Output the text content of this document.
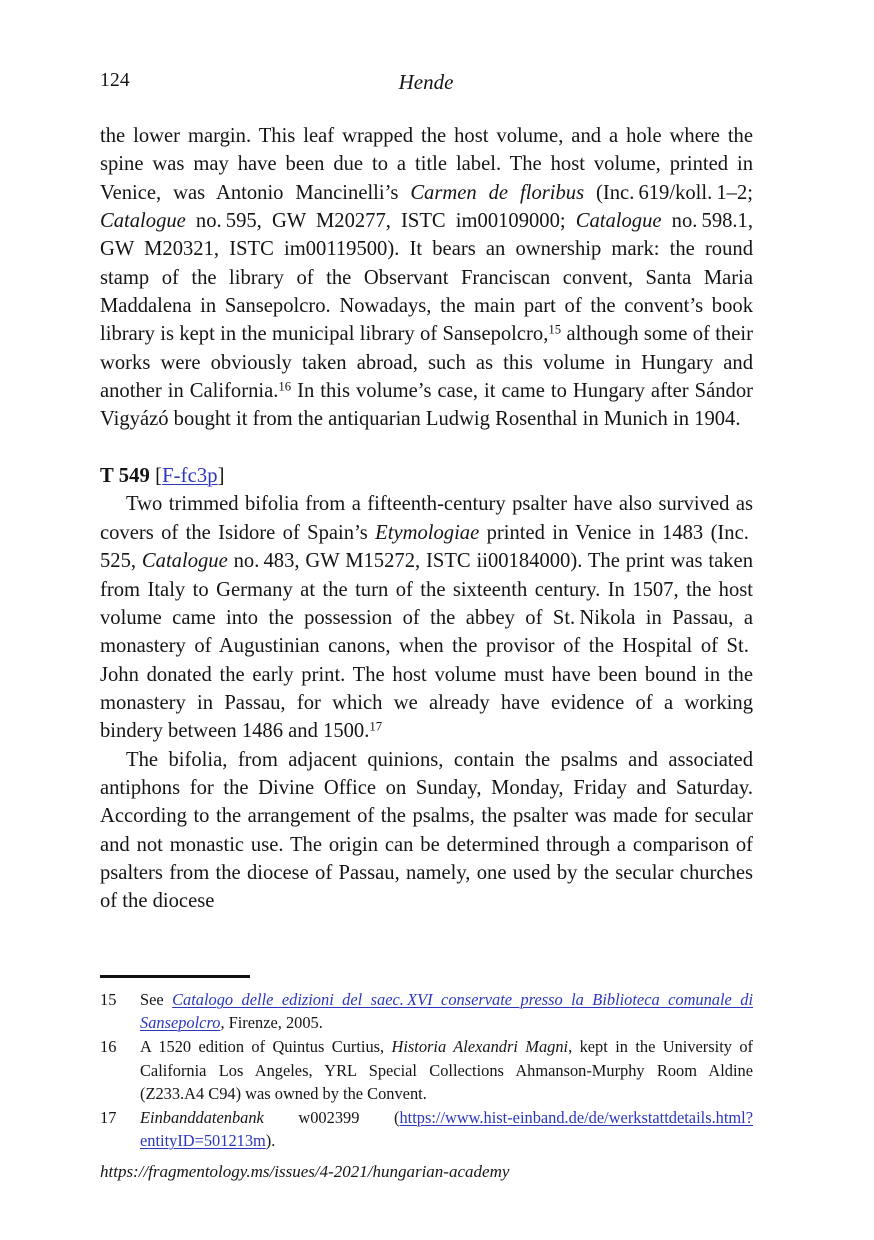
124	Hende

the lower margin. This leaf wrapped the host volume, and a hole where the spine was may have been due to a title label. The host volume, printed in Venice, was Antonio Mancinelli’s Carmen de floribus (Inc. 619/koll. 1–2; Catalogue no. 595, GW M20277, ISTC im00109000; Catalogue no. 598.1, GW M20321, ISTC im00119500). It bears an ownership mark: the round stamp of the library of the Observant Franciscan convent, Santa Maria Maddalena in Sansepolcro. Nowadays, the main part of the convent’s book library is kept in the municipal library of Sansepolcro,$^{15}$ although some of their works were obviously taken abroad, such as this volume in Hungary and another in California.$^{16}$ In this volume’s case, it came to Hungary after Sándor Vigyázó bought it from the antiquarian Ludwig Rosenthal in Munich in 1904.

T 549 [F-fc3p]

Two trimmed bifolia from a fifteenth-century psalter have also survived as covers of the Isidore of Spain’s Etymologiae printed in Venice in 1483 (Inc. 525, Catalogue no. 483, GW M15272, ISTC ii00184000). The print was taken from Italy to Germany at the turn of the sixteenth century. In 1507, the host volume came into the possession of the abbey of St. Nikola in Passau, a monastery of Augustinian canons, when the provisor of the Hospital of St. John donated the early print. The host volume must have been bound in the monastery in Passau, for which we already have evidence of a working bindery between 1486 and 1500.17

The bifolia, from adjacent quinions, contain the psalms and associated antiphons for the Divine Office on Sunday, Monday, Friday and Saturday. According to the arrangement of the psalms, the psalter was made for secular and not monastic use. The origin can be determined through a comparison of psalters from the diocese of Passau, namely, one used by the secular churches of the diocese

15	See Catalogo delle edizioni del saec. XVI conservate presso la Biblioteca comunale di Sansepolcro, Firenze, 2005.
16	A 1520 edition of Quintus Curtius, Historia Alexandri Magni, kept in the University of California Los Angeles, YRL Special Collections Ahmanson-Murphy Room Aldine (Z233.A4 C94) was owned by the Convent.
17	Einbanddatenbank w002399 (https://www.hist-einband.de/de/werkstattdetails.html?entityID=501213m).
https://fragmentology.ms/issues/4-2021/hungarian-academy
